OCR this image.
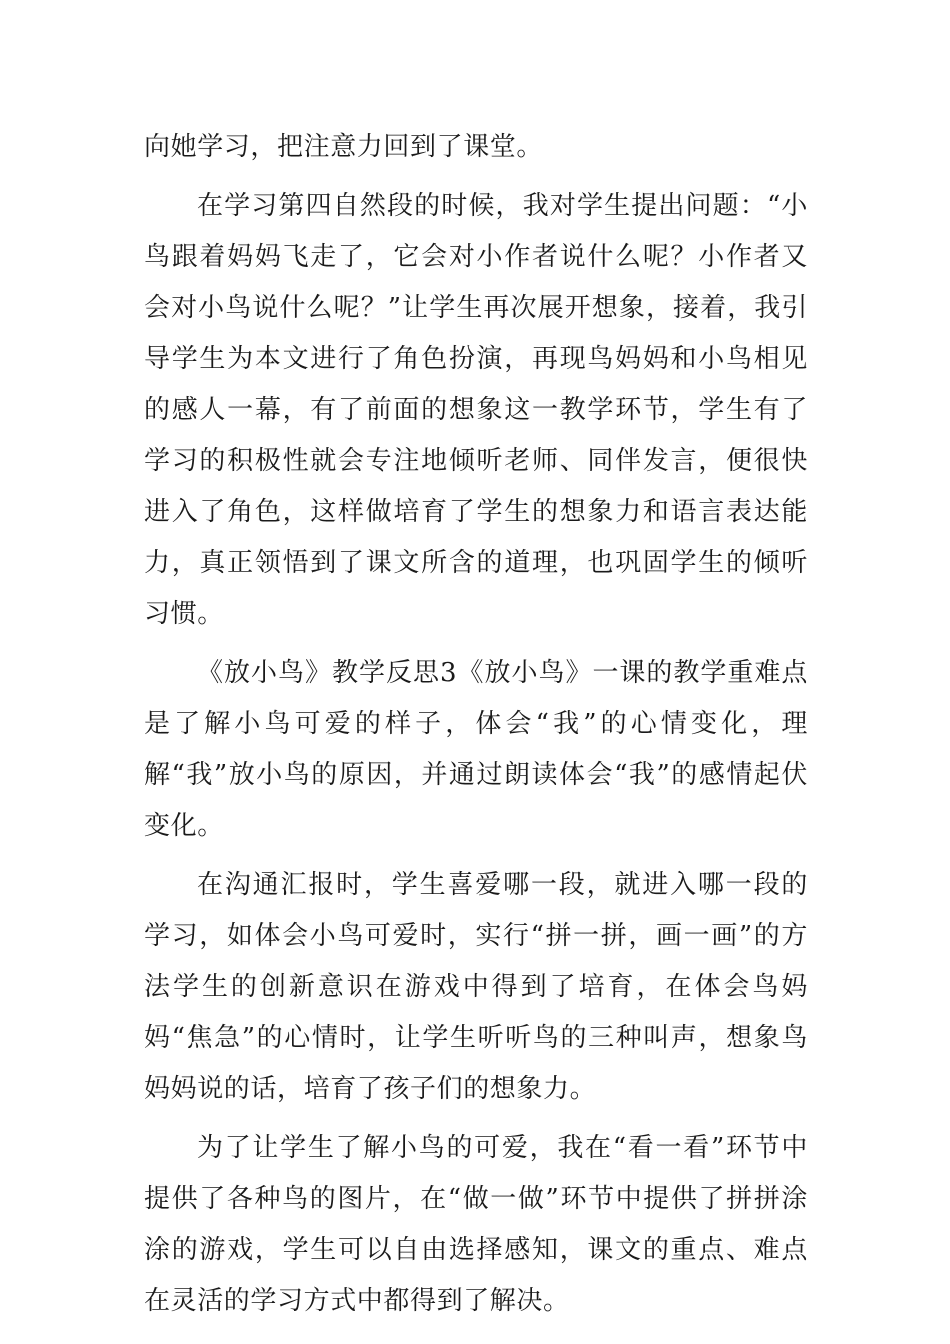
向她学习，把注意力回到了课堂。

在学习第四自然段的时候，我对学生提出问题：“小鸟跟着妈妈飞走了，它会对小作者说什么呢？小作者又会对小鸟说什么呢？”让学生再次展开想象，接着，我引导学生为本文进行了角色扮演，再现鸟妈妈和小鸟相见的感人一幕，有了前面的想象这一教学环节，学生有了学习的积极性就会专注地倾听老师、同伴发言，便很快进入了角色，这样做培育了学生的想象力和语言表达能力，真正领悟到了课文所含的道理，也巩固学生的倾听习惯。

《放小鸟》教学反思3《放小鸟》一课的教学重难点是了解小鸟可爱的样子，体会“我”的心情变化，理解“我”放小鸟的原因，并通过朗读体会“我”的感情起伏变化。

在沟通汇报时，学生喜爱哪一段，就进入哪一段的学习，如体会小鸟可爱时，实行“拼一拼，画一画”的方法学生的创新意识在游戏中得到了培育，在体会鸟妈妈“焦急”的心情时，让学生听听鸟的三种叫声，想象鸟妈妈说的话，培育了孩子们的想象力。

为了让学生了解小鸟的可爱，我在“看一看”环节中提供了各种鸟的图片，在“做一做”环节中提供了拼拼涂涂的游戏，学生可以自由选择感知，课文的重点、难点在灵活的学习方式中都得到了解决。
